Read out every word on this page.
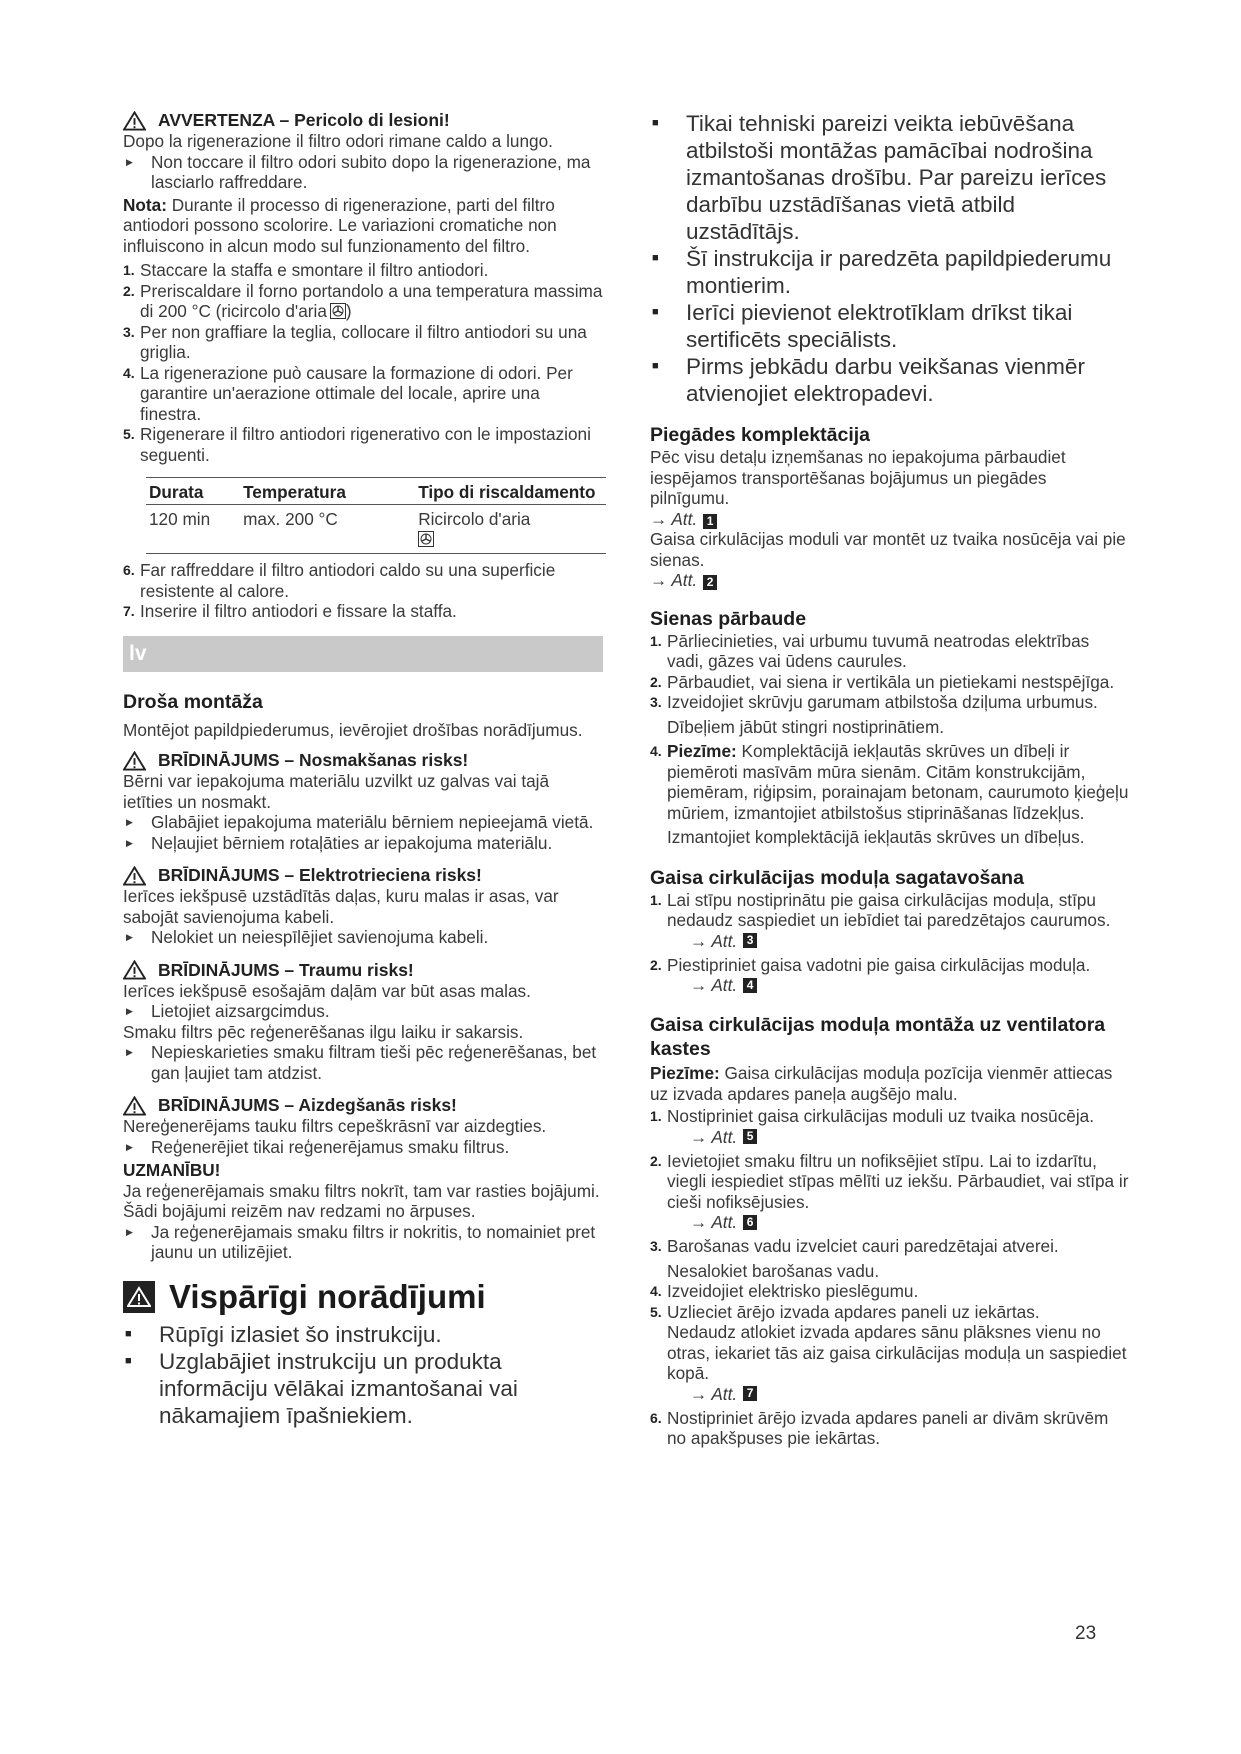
AVVERTENZA – Pericolo di lesioni!

Dopo la rigenerazione il filtro odori rimane caldo a lungo.

▶	Non toccare il filtro odori subito dopo la rigenerazione, ma lasciarlo raffreddare.

Nota: Durante il processo di rigenerazione, parti del filtro antiodori possono scolorire. Le variazioni cromatiche non influiscono in alcun modo sul funzionamento del filtro.

1. Staccare la staffa e smontare il filtro antiodori.
2. Preriscaldare il forno portandolo a una temperatura massima di 200 °C (ricircolo d'aria )
3. Per non graffiare la teglia, collocare il filtro antiodori su una griglia.
4. La rigenerazione può causare la formazione di odori. Per garantire un'aerazione ottimale del locale, aprire una finestra.
5. Rigenerare il filtro antiodori rigenerativo con le impostazioni seguenti.
Durata	Temperatura	Tipo di riscaldamento
120 min	max. 200 °C	Ricircolo d'aria

6. Far raffreddare il filtro antiodori caldo su una superficie resistente al calore.
7. Inserire il filtro antiodori e fissare la staffa.
lv
Droša montāža

Montējot papildpiederumus, ievērojiet drošības norādījumus.

BRĪDINĀJUMS – Nosmakšanas risks!

Bērni var iepakojuma materiālu uzvilkt uz galvas vai tajā ietīties un nosmakt.

▶	Glabājiet iepakojuma materiālu bērniem nepieejamā vietā.
▶	Neļaujiet bērniem rotaļāties ar iepakojuma materiālu.
BRĪDINĀJUMS – Elektrotrieciena risks!

Ierīces iekšpusē uzstādītās daļas, kuru malas ir asas, var sabojāt savienojuma kabeli.

▶	Nelokiet un neiespīlējiet savienojuma kabeli.
BRĪDINĀJUMS – Traumu risks!

Ierīces iekšpusē esošajām daļām var būt asas malas.

▶	Lietojiet aizsargcimdus.

Smaku filtrs pēc reģenerēšanas ilgu laiku ir sakarsis.

▶	Nepieskarieties smaku filtram tieši pēc reģenerēšanas, bet gan ļaujiet tam atdzist.
BRĪDINĀJUMS – Aizdegšanās risks!

Nereģenerējams tauku filtrs cepeškrāsnī var aizdegties.

▶	Reģenerējiet tikai reģenerējamus smaku filtrus.

UZMANĪBU!

Ja reģenerējamais smaku filtrs nokrīt, tam var rasties bojājumi. Šādi bojājumi reizēm nav redzami no ārpuses.

▶	Ja reģenerējamais smaku filtrs ir nokritis, to nomainiet pret jaunu un utilizējiet.
Vispārīgi norādījumi
■	Rūpīgi izlasiet šo instrukciju.
■	Uzglabājiet instrukciju un produkta informāciju vēlākai izmantošanai vai nākamajiem īpašniekiem.
■	Tikai tehniski pareizi veikta iebūvēšana atbilstoši montāžas pamācībai nodrošina izmantošanas drošību. Par pareizu ierīces darbību uzstādīšanas vietā atbild uzstādītājs.
■	Šī instrukcija ir paredzēta papildpiederumu montierim.
■	Ierīci pievienot elektrotīklam drīkst tikai sertificēts speciālists.
■	Pirms jebkādu darbu veikšanas vienmēr atvienojiet elektropadevi.
Piegādes komplektācija

Pēc visu detaļu izņemšanas no iepakojuma pārbaudiet iespējamos transportēšanas bojājumus un piegādes pilnīgumu.

→ Att. 1

Gaisa cirkulācijas moduli var montēt uz tvaika nosūcēja vai pie sienas.

→ Att. 2
Sienas pārbaude
1. Pārliecinieties, vai urbumu tuvumā neatrodas elektrības vadi, gāzes vai ūdens caurules.
2. Pārbaudiet, vai siena ir vertikāla un pietiekami nestspējīga.
3. Izveidojiet skrūvju garumam atbilstoša dziļuma urbumus.

Dībeļiem jābūt stingri nostiprinātiem.

4. Piezīme: Komplektācijā iekļautās skrūves un dībeļi ir piemēroti masīvām mūra sienām. Citām konstrukcijām, piemēram, riģipsim, porainajam betonam, caurumoto ķieģeļu mūriem, izmantojiet atbilstošus stiprināšanas līdzekļus.

Izmantojiet komplektācijā iekļautās skrūves un dībeļus.

Gaisa cirkulācijas moduļa sagatavošana
1. Lai stīpu nostiprinātu pie gaisa cirkulācijas moduļa, stīpu nedaudz saspiediet un iebīdiet tai paredzētajos caurumos.
→ Att. 3
2. Piestipriniet gaisa vadotni pie gaisa cirkulācijas moduļa.
→ Att. 4
Gaisa cirkulācijas moduļa montāža uz ventilatora kastes

Piezīme: Gaisa cirkulācijas moduļa pozīcija vienmēr attiecas uz izvada apdares paneļa augšējo malu.

1. Nostipriniet gaisa cirkulācijas moduli uz tvaika nosūcēja.
→ Att. 5
2. Ievietojiet smaku filtru un nofiksējiet stīpu. Lai to izdarītu, viegli iespiediet stīpas mēlīti uz iekšu. Pārbaudiet, vai stīpa ir cieši nofiksējusies.
→ Att. 6
3. Barošanas vadu izvelciet cauri paredzētajai atverei.

Nesalokiet barošanas vadu.

4. Izveidojiet elektrisko pieslēgumu.
5. Uzlieciet ārējo izvada apdares paneli uz iekārtas.

Nedaudz atlokiet izvada apdares sānu plāksnes vienu no otras, iekariet tās aiz gaisa cirkulācijas moduļa un saspiediet kopā.

→ Att. 7
6. Nostipriniet ārējo izvada apdares paneli ar divām skrūvēm no apakšpuses pie iekārtas.
23
